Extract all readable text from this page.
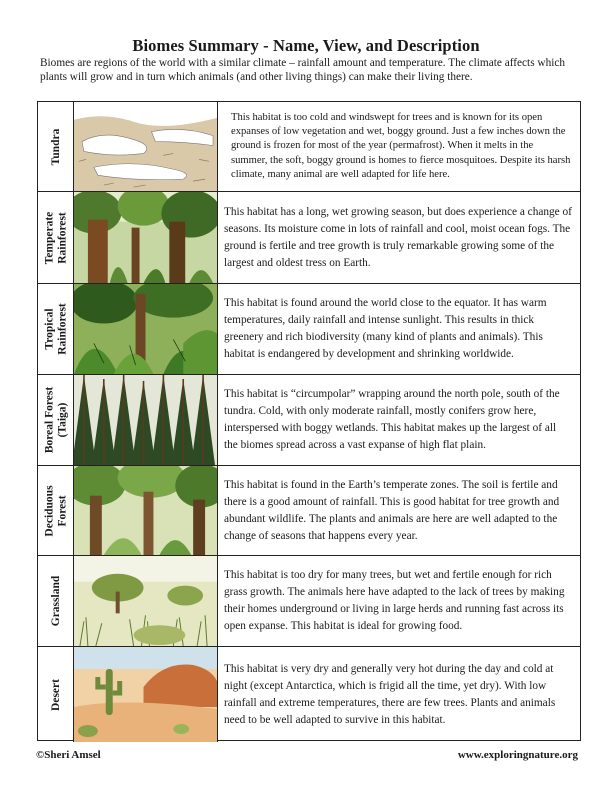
Biomes Summary - Name, View, and Description
Biomes are regions of the world with a similar climate – rainfall amount and temperature. The climate affects which plants will grow and in turn which animals (and other living things) can make their living there.
Tundra
This habitat is too cold and windswept for trees and is known for its open expanses of low vegetation and wet, boggy ground. Just a few inches down the ground is frozen for most of the year (permafrost). When it melts in the summer, the soft, boggy ground is homes to fierce mosquitoes. Despite its harsh climate, many animal are well adapted for life here.
Temperate
Rainforest
This habitat has a long, wet growing season, but does experience a change of seasons. Its moisture come in lots of rainfall and cool, moist ocean fogs. The ground is fertile and tree growth is truly remarkable growing some of the largest and oldest tress on Earth.
Tropical
Rainforest
This habitat is found around the world close to the equator. It has warm temperatures, daily rainfall and intense sunlight. This results in thick greenery and rich biodiversity (many kind of plants and animals). This habitat is endangered by development and shrinking worldwide.
Boreal Forest
(Taiga)
This habitat is “circumpolar” wrapping around the north pole, south of the tundra. Cold, with only moderate rainfall, mostly conifers grow here, interspersed with boggy wetlands. This habitat makes up the largest of all the biomes spread across a vast expanse of high flat plain.
Deciduous
Forest
This habitat is found in the Earth’s temperate zones. The soil is fertile and there is a good amount of rainfall. This is good habitat for tree growth and abundant wildlife. The plants and animals are here are well adapted to the change of seasons that happens every year.
Grassland
This habitat is too dry for many trees, but wet and fertile enough for rich grass growth. The animals here have adapted to the lack of trees by making their homes underground or living in large herds and running fast across its open expanse. This habitat is ideal for growing food.
Desert
This habitat is very dry and generally very hot during the day and cold at night (except Antarctica, which is frigid all the time, yet dry). With low rainfall and extreme temperatures, there are few trees. Plants and animals need to be well adapted to survive in this habitat.
©Sheri Amsel	www.exploringnature.org
